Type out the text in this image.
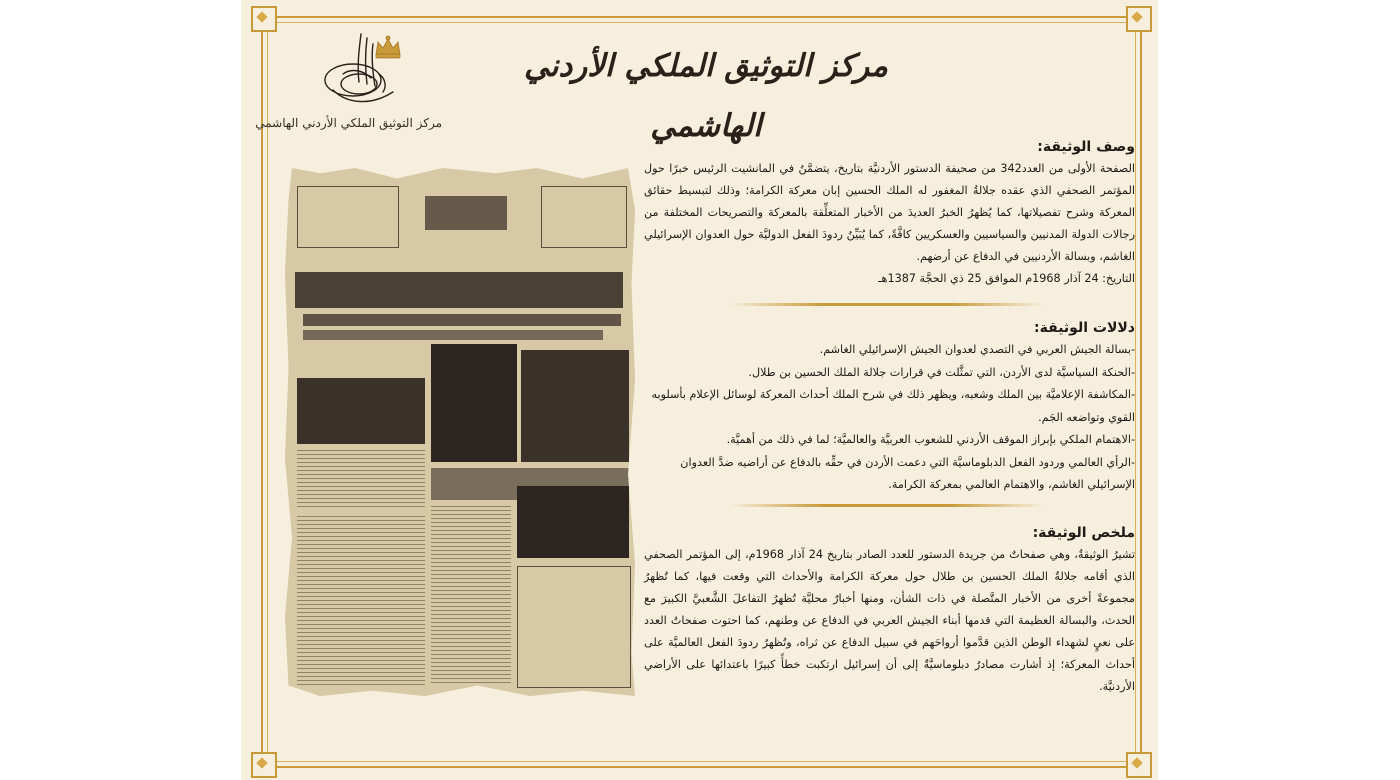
مركز التوثيق الملكي الأردني الهاشمي
مركز التوثيق الملكي الأردني الهاشمي

وصف الوثيقة:

الصفحة الأولى من العدد342 من صحيفة الدستور الأردنيَّة بتاريخ، يتضمَّنُ في المانشيت الرئيس خبرًا حول المؤتمر الصحفي الذي عقده جلالةُ المغفور له الملك الحسين إبان معركة الكرامة؛ وذلك لتبسيط حقائق المعركة وشرح تفصيلاتها، كما يُظهرُ الخبرُ العديدَ من الأخبار المتعلِّقة بالمعركة والتصريحات المختلفة من رجالات الدولة المدنيين والسياسيين والعسكريين كافَّةً، كما يُبَيِّنُ ردودَ الفعل الدوليَّة حول العدوان الإسرائيلي الغاشم، وبسالة الأردنيين في الدفاع عن أرضهم.

التاريخ: 24 آذار 1968م الموافق 25 ذي الحجَّة 1387هـ

دلالات الوثيقة:

-بسالة الجيش العربي في التصدي لعدوان الجيش الإسرائيلي الغاشم.

-الحنكة السياسيَّة لدى الأردن، التي تمثَّلت في قرارات جلالة الملك الحسين بن طلال.

-المكاشفة الإعلاميَّة بين الملك وشعبه، ويظهر ذلك في شرح الملك أحداث المعركة لوسائل الإعلام بأسلوبه القوي وتواضعه الجَم.

-الاهتمام الملكي بإبراز الموقف الأردني للشعوب العربيَّة والعالميَّة؛ لما في ذلك من أهميَّة.

-الرأي العالمي وردود الفعل الدبلوماسيَّة التي دعمت الأردن في حقِّه بالدفاع عن أراضيه ضدَّ العدوان الإسرائيلي الغاشم، والاهتمام العالمي بمعركة الكرامة.

ملخص الوثيقة:

تشيرُ الوثيقةُ، وهي صفحاتٌ من جريدة الدستور للعدد الصادر بتاريخ 24 آذار 1968م، إلى المؤتمر الصحفي الذي أقامه جلالةُ الملك الحسين بن طلال حول معركة الكرامة والأحداث التي وقعت فيها، كما تُظهرُ مجموعةً أخرى من الأخبار المتَّصلة في ذات الشأن، ومنها أخبارٌ محليَّة تُظهرُ التفاعلَ الشَّعبيَّ الكبيرَ مع الحدث، والبسالة العظيمة التي قدمها أبناء الجيش العربي في الدفاع عن وطنهم، كما احتوت صفحاتُ العدد على نعيٍ لشهداء الوطن الذين قدَّموا أرواحَهم في سبيل الدفاع عن ثراه، وتُظهرُ ردودَ الفعل العالميَّة على أحداث المعركة؛ إذ أشارت مصادرُ دبلوماسيَّةٌ إلى أن إسرائيل ارتكبت خطأً كبيرًا باعتدائها على الأراضي الأردنيَّة.
